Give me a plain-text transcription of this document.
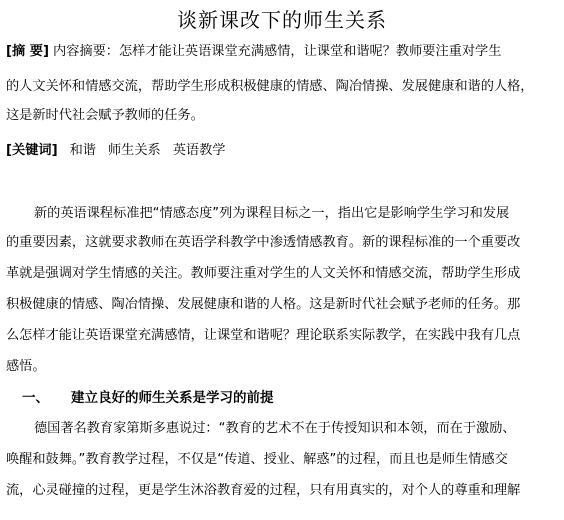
谈新课改下的师生关系
[摘 要] 内容摘要：怎样才能让英语课堂充满感情，让课堂和谐呢？教师要注重对学生
的人文关怀和情感交流，帮助学生形成积极健康的情感、陶冶情操、发展健康和谐的人格，
这是新时代社会赋予教师的任务。
[关键词] 和谐 师生关系 英语教学
新的英语课程标准把“情感态度”列为课程目标之一，指出它是影响学生学习和发展
的重要因素，这就要求教师在英语学科教学中渗透情感教育。新的课程标准的一个重要改
革就是强调对学生情感的关注。教师要注重对学生的人文关怀和情感交流，帮助学生形成
积极健康的情感、陶冶情操、发展健康和谐的人格。这是新时代社会赋予老师的任务。那
么怎样才能让英语课堂充满感情，让课堂和谐呢？理论联系实际教学，在实践中我有几点
感悟。
一、 建立良好的师生关系是学习的前提
德国著名教育家第斯多惠说过：“教育的艺术不在于传授知识和本领，而在于激励、
唤醒和鼓舞。”教育教学过程，不仅是“传道、授业、解惑”的过程，而且也是师生情感交
流，心灵碰撞的过程，更是学生沐浴教育爱的过程，只有用真实的，对个人的尊重和理解
